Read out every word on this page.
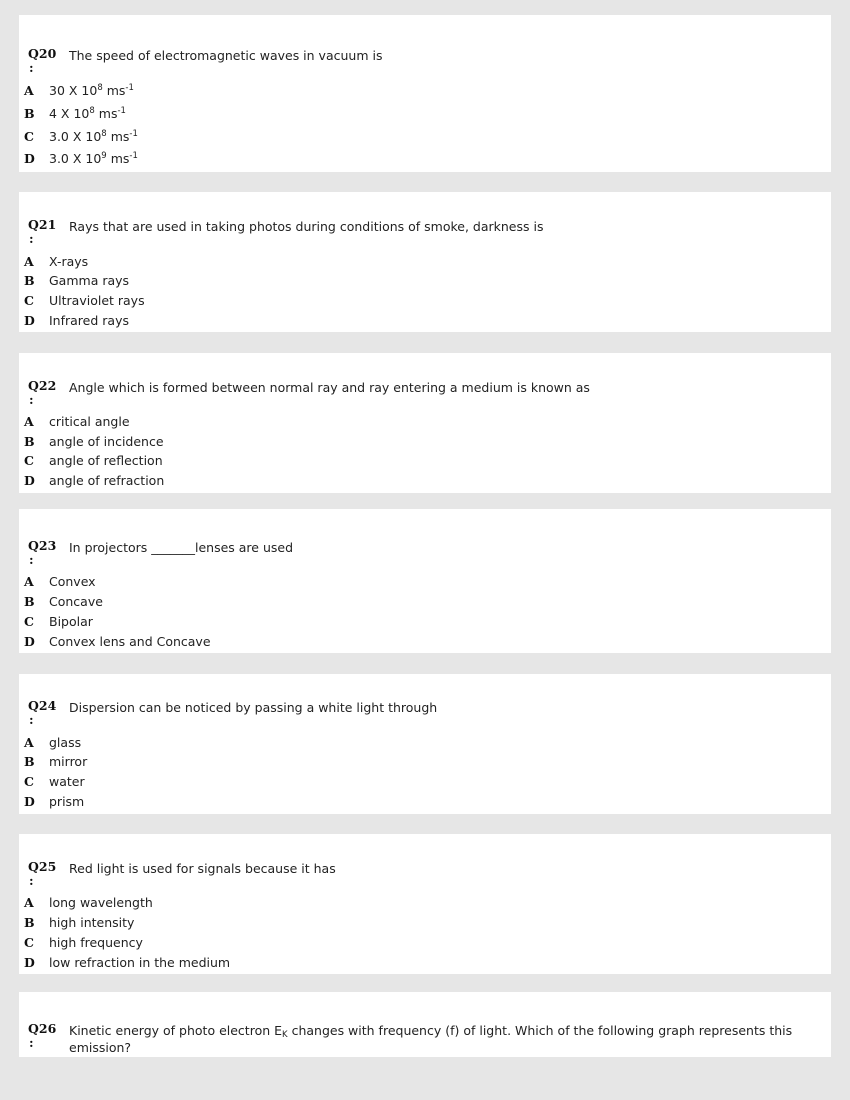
Q20
:
The speed of electromagnetic waves in vacuum is
A	30 X $10^8$ $ms^{-1}$
B	4 X $10^8$ $ms^{-1}$
C	3.0 X $10^8$ $ms^{-1}$
D	3.0 X $10^9$ $ms^{-1}$
Q21
:
Rays that are used in taking photos during conditions of smoke, darkness is
A	X-rays
B	Gamma rays
C	Ultraviolet rays
D	Infrared rays
Q22
:
Angle which is formed between normal ray and ray entering a medium is known as
A	critical angle
B	angle of incidence
C	angle of reflection
D	angle of refraction
Q23
:
In projectors _______lenses are used
A	Convex
B	Concave
C	Bipolar
D	Convex lens and Concave
Q24
:
Dispersion can be noticed by passing a white light through
A	glass
B	mirror
C	water
D	prism
Q25
:
Red light is used for signals because it has
A	long wavelength
B	high intensity
C	high frequency
D	low refraction in the medium
Q26
:
Kinetic energy of photo electron $E_K$ changes with frequency (f) of light. Which of the following graph represents this emission?
